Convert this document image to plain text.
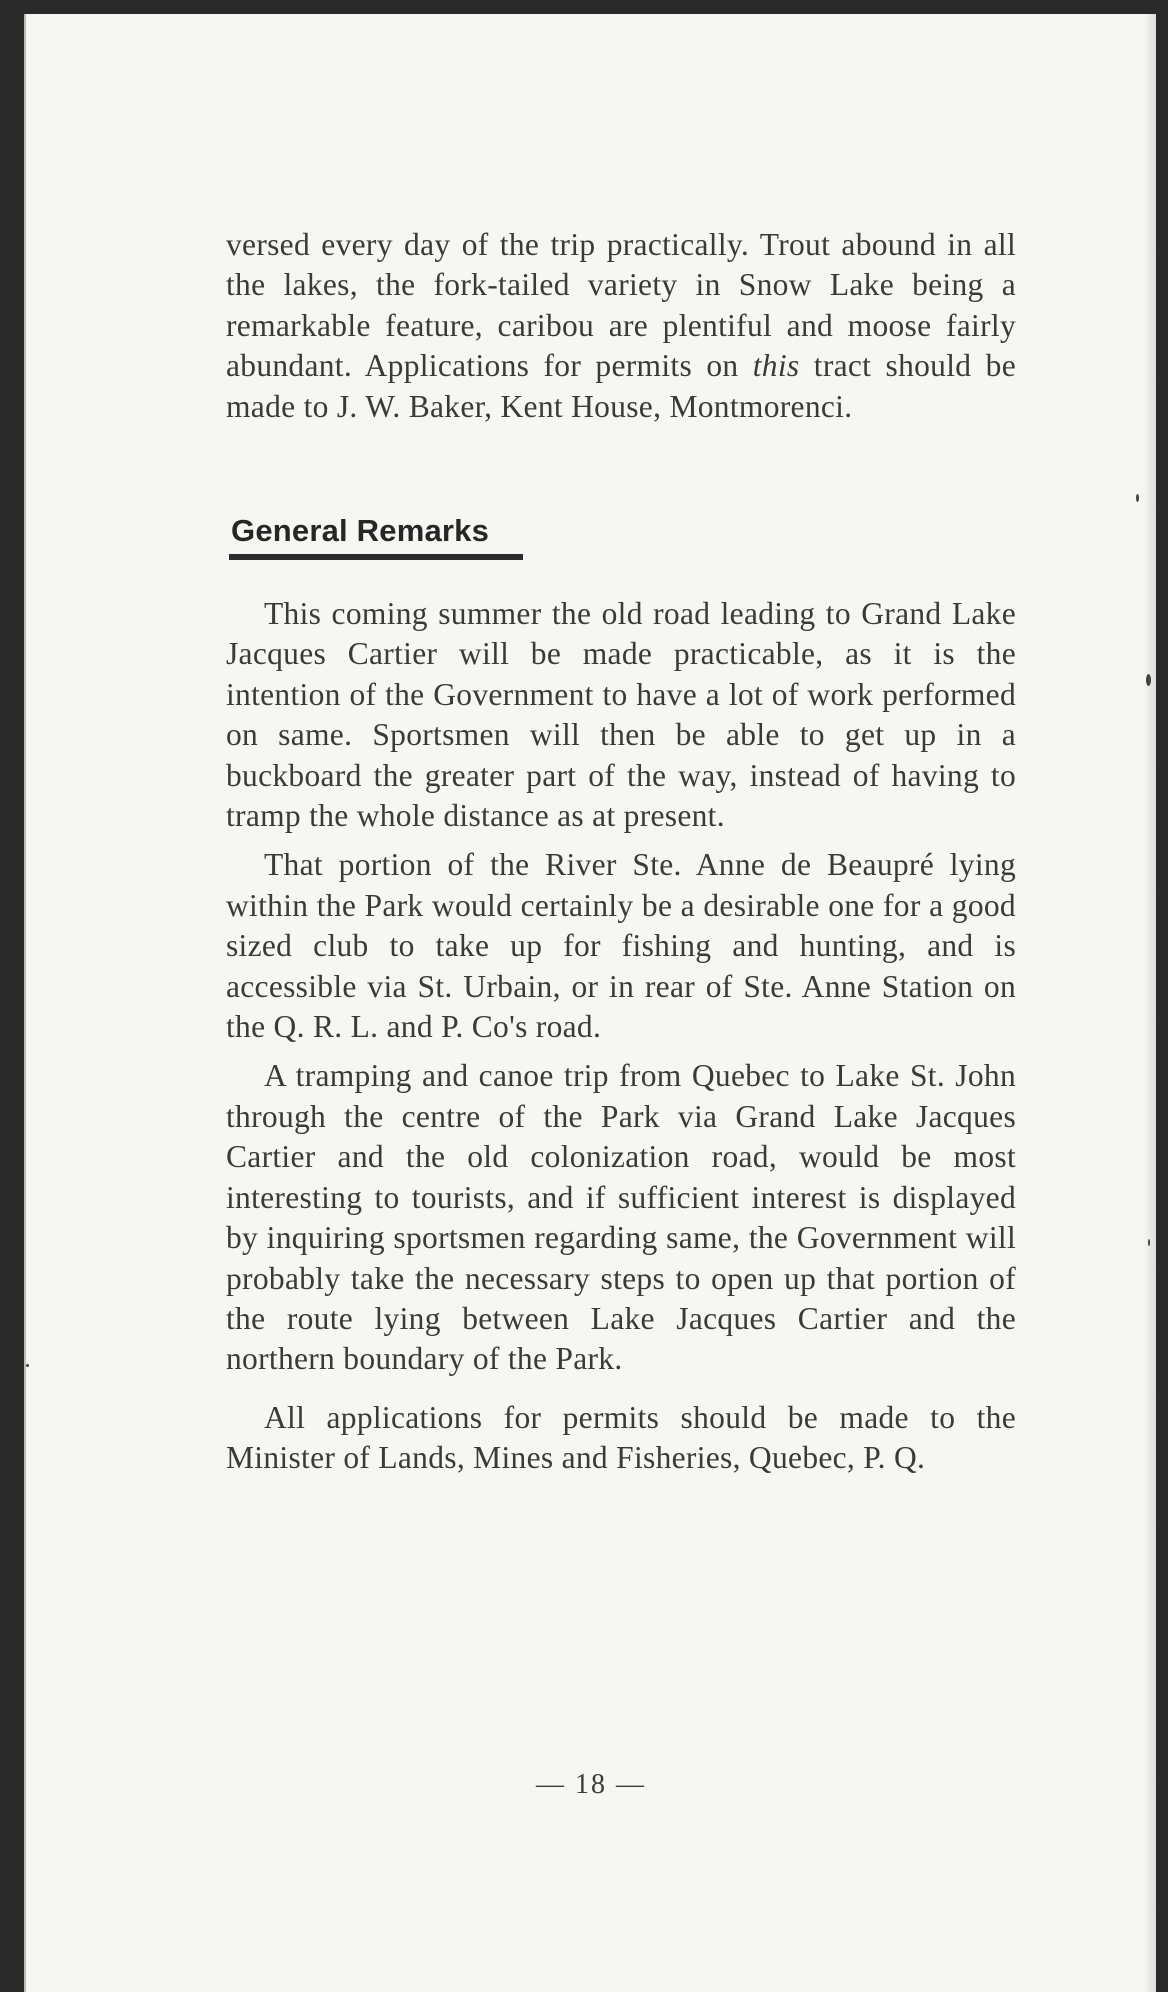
versed every day of the trip practically. Trout abound in all the lakes, the fork-tailed variety in Snow Lake being a remarkable feature, caribou are plentiful and moose fairly abundant. Applications for permits on this tract should be made to J. W. Baker, Kent House, Montmorenci.

General Remarks

This coming summer the old road leading to Grand Lake Jacques Cartier will be made practicable, as it is the intention of the Government to have a lot of work performed on same. Sportsmen will then be able to get up in a buckboard the greater part of the way, instead of having to tramp the whole distance as at present.

That portion of the River Ste. Anne de Beaupré lying within the Park would certainly be a desirable one for a good sized club to take up for fishing and hunting, and is accessible via St. Urbain, or in rear of Ste. Anne Station on the Q. R. L. and P. Co's road.

A tramping and canoe trip from Quebec to Lake St. John through the centre of the Park via Grand Lake Jacques Cartier and the old colonization road, would be most interesting to tourists, and if sufficient interest is displayed by inquiring sportsmen regarding same, the Government will probably take the necessary steps to open up that portion of the route lying between Lake Jacques Cartier and the northern boundary of the Park.

All applications for permits should be made to the Minister of Lands, Mines and Fisheries, Quebec, P. Q.

— 18 —
